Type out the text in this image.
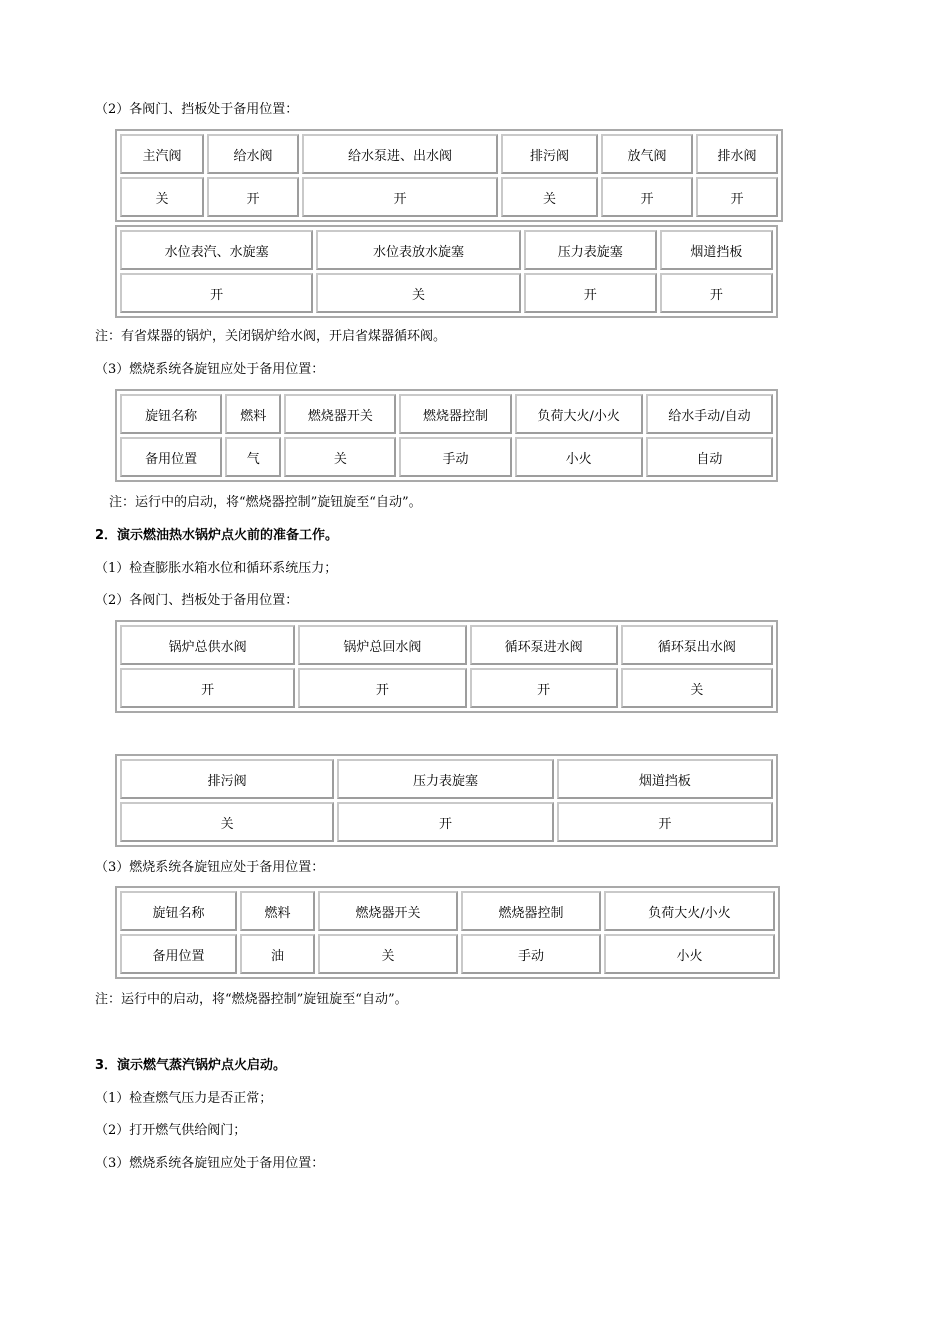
（2）各阀门、挡板处于备用位置：
主汽阀	给水阀	给水泵进、出水阀	排污阀	放气阀	排水阀
关	开	开	关	开	开
水位表汽、水旋塞	水位表放水旋塞	压力表旋塞	烟道挡板
开	关	开	开
注：有省煤器的锅炉，关闭锅炉给水阀，开启省煤器循环阀。
（3）燃烧系统各旋钮应处于备用位置：
旋钮名称	燃料	燃烧器开关	燃烧器控制	负荷大火/小火	给水手动/自动
备用位置	气	关	手动	小火	自动
注：运行中的启动，将“燃烧器控制”旋钮旋至“自动”。
2．演示燃油热水锅炉点火前的准备工作。
（1）检查膨胀水箱水位和循环系统压力；
（2）各阀门、挡板处于备用位置：
锅炉总供水阀	锅炉总回水阀	循环泵进水阀	循环泵出水阀
开	开	开	关
排污阀	压力表旋塞	烟道挡板
关	开	开
（3）燃烧系统各旋钮应处于备用位置：
旋钮名称	燃料	燃烧器开关	燃烧器控制	负荷大火/小火
备用位置	油	关	手动	小火
注：运行中的启动，将“燃烧器控制”旋钮旋至“自动”。
3．演示燃气蒸汽锅炉点火启动。
（1）检查燃气压力是否正常；
（2）打开燃气供给阀门；
（3）燃烧系统各旋钮应处于备用位置：
